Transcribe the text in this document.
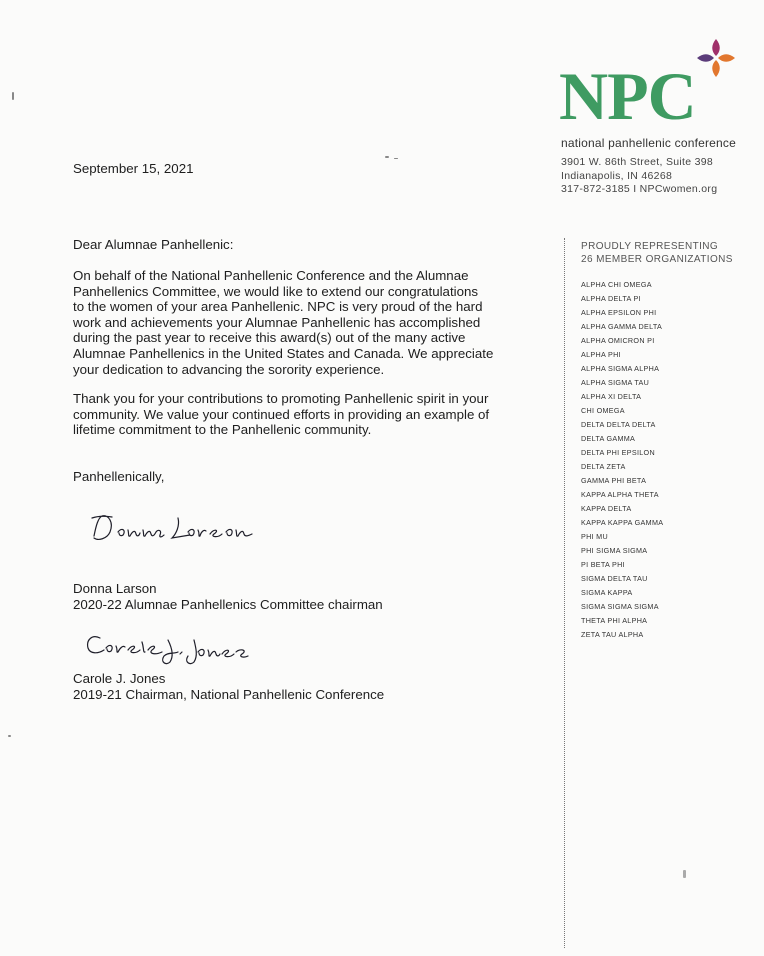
NPC
national panhellenic conference
3901 W. 86th Street, Suite 398
Indianapolis, IN 46268
317-872-3185 I NPCwomen.org
PROUDLY REPRESENTING
26 MEMBER ORGANIZATIONS
ALPHA CHI OMEGA
ALPHA DELTA PI
ALPHA EPSILON PHI
ALPHA GAMMA DELTA
ALPHA OMICRON PI
ALPHA PHI
ALPHA SIGMA ALPHA
ALPHA SIGMA TAU
ALPHA XI DELTA
CHI OMEGA
DELTA DELTA DELTA
DELTA GAMMA
DELTA PHI EPSILON
DELTA ZETA
GAMMA PHI BETA
KAPPA ALPHA THETA
KAPPA DELTA
KAPPA KAPPA GAMMA
PHI MU
PHI SIGMA SIGMA
PI BETA PHI
SIGMA DELTA TAU
SIGMA KAPPA
SIGMA SIGMA SIGMA
THETA PHI ALPHA
ZETA TAU ALPHA
September 15, 2021
Dear Alumnae Panhellenic:
On behalf of the National Panhellenic Conference and the Alumnae
Panhellenics Committee, we would like to extend our congratulations
to the women of your area Panhellenic. NPC is very proud of the hard
work and achievements your Alumnae Panhellenic has accomplished
during the past year to receive this award(s) out of the many active
Alumnae Panhellenics in the United States and Canada. We appreciate
your dedication to advancing the sorority experience.
Thank you for your contributions to promoting Panhellenic spirit in your
community. We value your continued efforts in providing an example of
lifetime commitment to the Panhellenic community.
Panhellenically,
Donna Larson
2020-22 Alumnae Panhellenics Committee chairman
Carole J. Jones
2019-21 Chairman, National Panhellenic Conference
